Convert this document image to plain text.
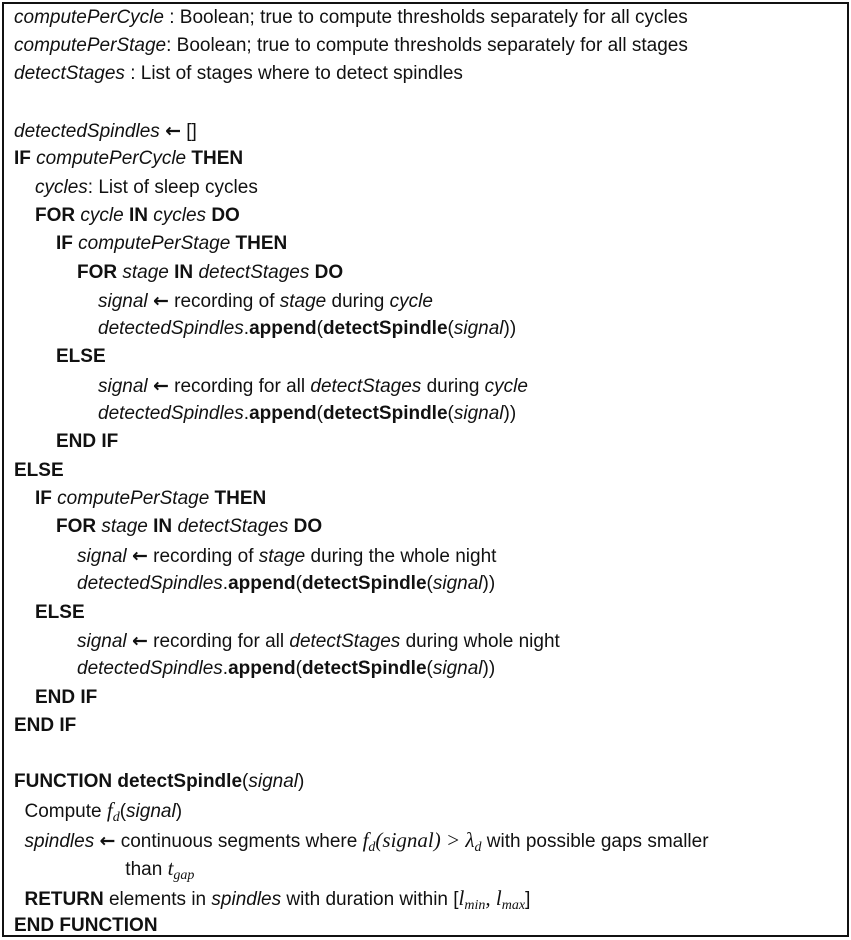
computePerCycle : Boolean; true to compute thresholds separately for all cycles
computePerStage: Boolean; true to compute thresholds separately for all stages
detectStages : List of stages where to detect spindles
detectedSpindles ← []
IF computePerCycle THEN
cycles: List of sleep cycles
FOR cycle IN cycles DO
IF computePerStage THEN
FOR stage IN detectStages DO
signal ← recording of stage during cycle
detectedSpindles.append(detectSpindle(signal))
ELSE
signal ← recording for all detectStages during cycle
detectedSpindles.append(detectSpindle(signal))
END IF
ELSE
IF computePerStage THEN
FOR stage IN detectStages DO
signal ← recording of stage during the whole night
detectedSpindles.append(detectSpindle(signal))
ELSE
signal ← recording for all detectStages during whole night
detectedSpindles.append(detectSpindle(signal))
END IF
END IF
FUNCTION detectSpindle(signal)
Compute $f_d(signal)$
spindles ← continuous segments where $f_d(signal) > \lambda_d$ with possible gaps smaller
than $t_{gap}$
RETURN elements in spindles with duration within [$l_{min}$, $l_{max}$]
END FUNCTION
